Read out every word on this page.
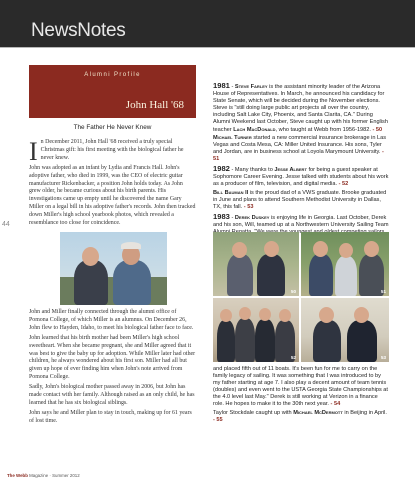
NewsNotes
44
Alumni Profile
John Hall '68
The Father He Never Knew

In December 2011, John Hall '68 received a truly special Christmas gift: his first meeting with the biological father he never knew.

John was adopted as an infant by Lydia and Francis Hall. John's adoptive father, who died in 1999, was the CEO of electric guitar manufacturer Rickenbacker, a position John holds today. As John grew older, he became curious about his birth parents. His investigations came up empty until he discovered the name Gary Miller on a legal bill in his adoptive father's records. John then tracked down Miller's high school yearbook photos, which revealed a resemblance too close for coincidence.

John and Miller finally connected through the alumni office of Pomona College, of which Miller is an alumnus. On December 26, John flew to Hayden, Idaho, to meet his biological father face to face.

John learned that his birth mother had been Miller's high school sweetheart. When she became pregnant, she and Miller agreed that it was best to give the baby up for adoption. While Miller later had other children, he always wondered about his first son. Miller had all but given up hope of ever finding him when John's note arrived from Pomona College.

Sadly, John's biological mother passed away in 2006, but John has made contact with her family. Although raised as an only child, he has learned that he has six biological siblings.

John says he and Miller plan to stay in touch, making up for 61 years of lost time.

1981 - Steve Farley is the assistant minority leader of the Arizona House of Representatives. In March, he announced his candidacy for State Senate, which will be decided during the November elections. Steve is "still doing large public art projects all over the country, including Salt Lake City, Phoenix, and Santa Clarita, CA." During Alumni Weekend last October, Steve caught up with his former English teacher Lach MacDonald, who taught at Webb from 1956-1982. - 50

Michael Turner started a new commercial insurance brokerage in Las Vegas and Costa Mesa, CA: Miller United Insurance. His sons, Tyler and Jordan, are in business school at Loyola Marymount University. - 51

1982 - Many thanks to Jesse Albert for being a guest speaker at Sophomore Career Evening. Jesse talked with students about his work as a producer of film, television, and digital media. - 52

Bill Bauman II is the proud dad of a VWS graduate. Brooke graduated in June and plans to attend Southern Methodist University in Dallas, TX, this fall. - 53

1983 - Derek Duskey is enjoying life in Georgia. Last October, Derek and his son, Will, teamed up at a Northwestern University Sailing Team

50	51
52	53

and placed fifth out of 11 boats. It's been fun for me to carry on the family legacy of sailing. It was something that I was introduced to by my father starting at age 7. I also play a decent amount of team tennis (doubles) and even went to the USTA Georgia State Championships at the 4.0 level last May." Derek is still working at Verizon in a finance role. He hopes to make it to the 30th next year. - 54

Taylor Stockdale caught up with Michael McDermott in Beijing in April. - 55

The Webb Magazine · Summer 2012
